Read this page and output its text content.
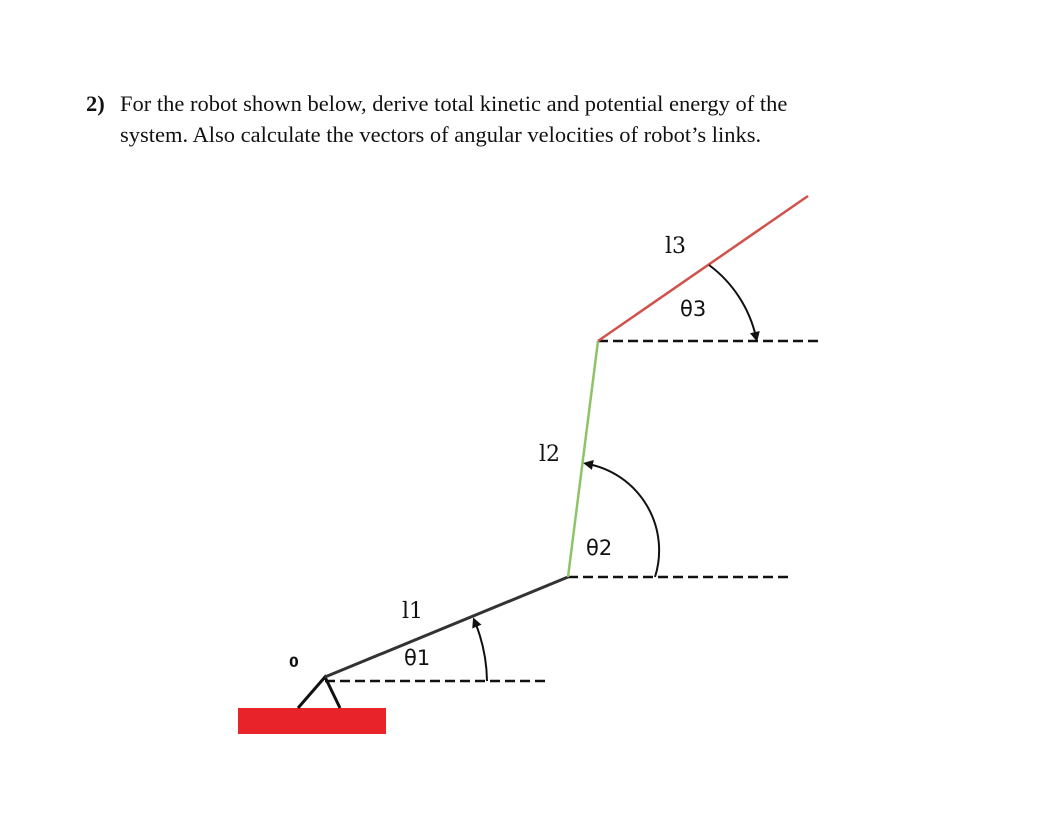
2) For the robot shown below, derive total kinetic and potential energy of the
system. Also calculate the vectors of angular velocities of robot’s links.
0
l1
l2
l3
θ1
θ2
θ3
